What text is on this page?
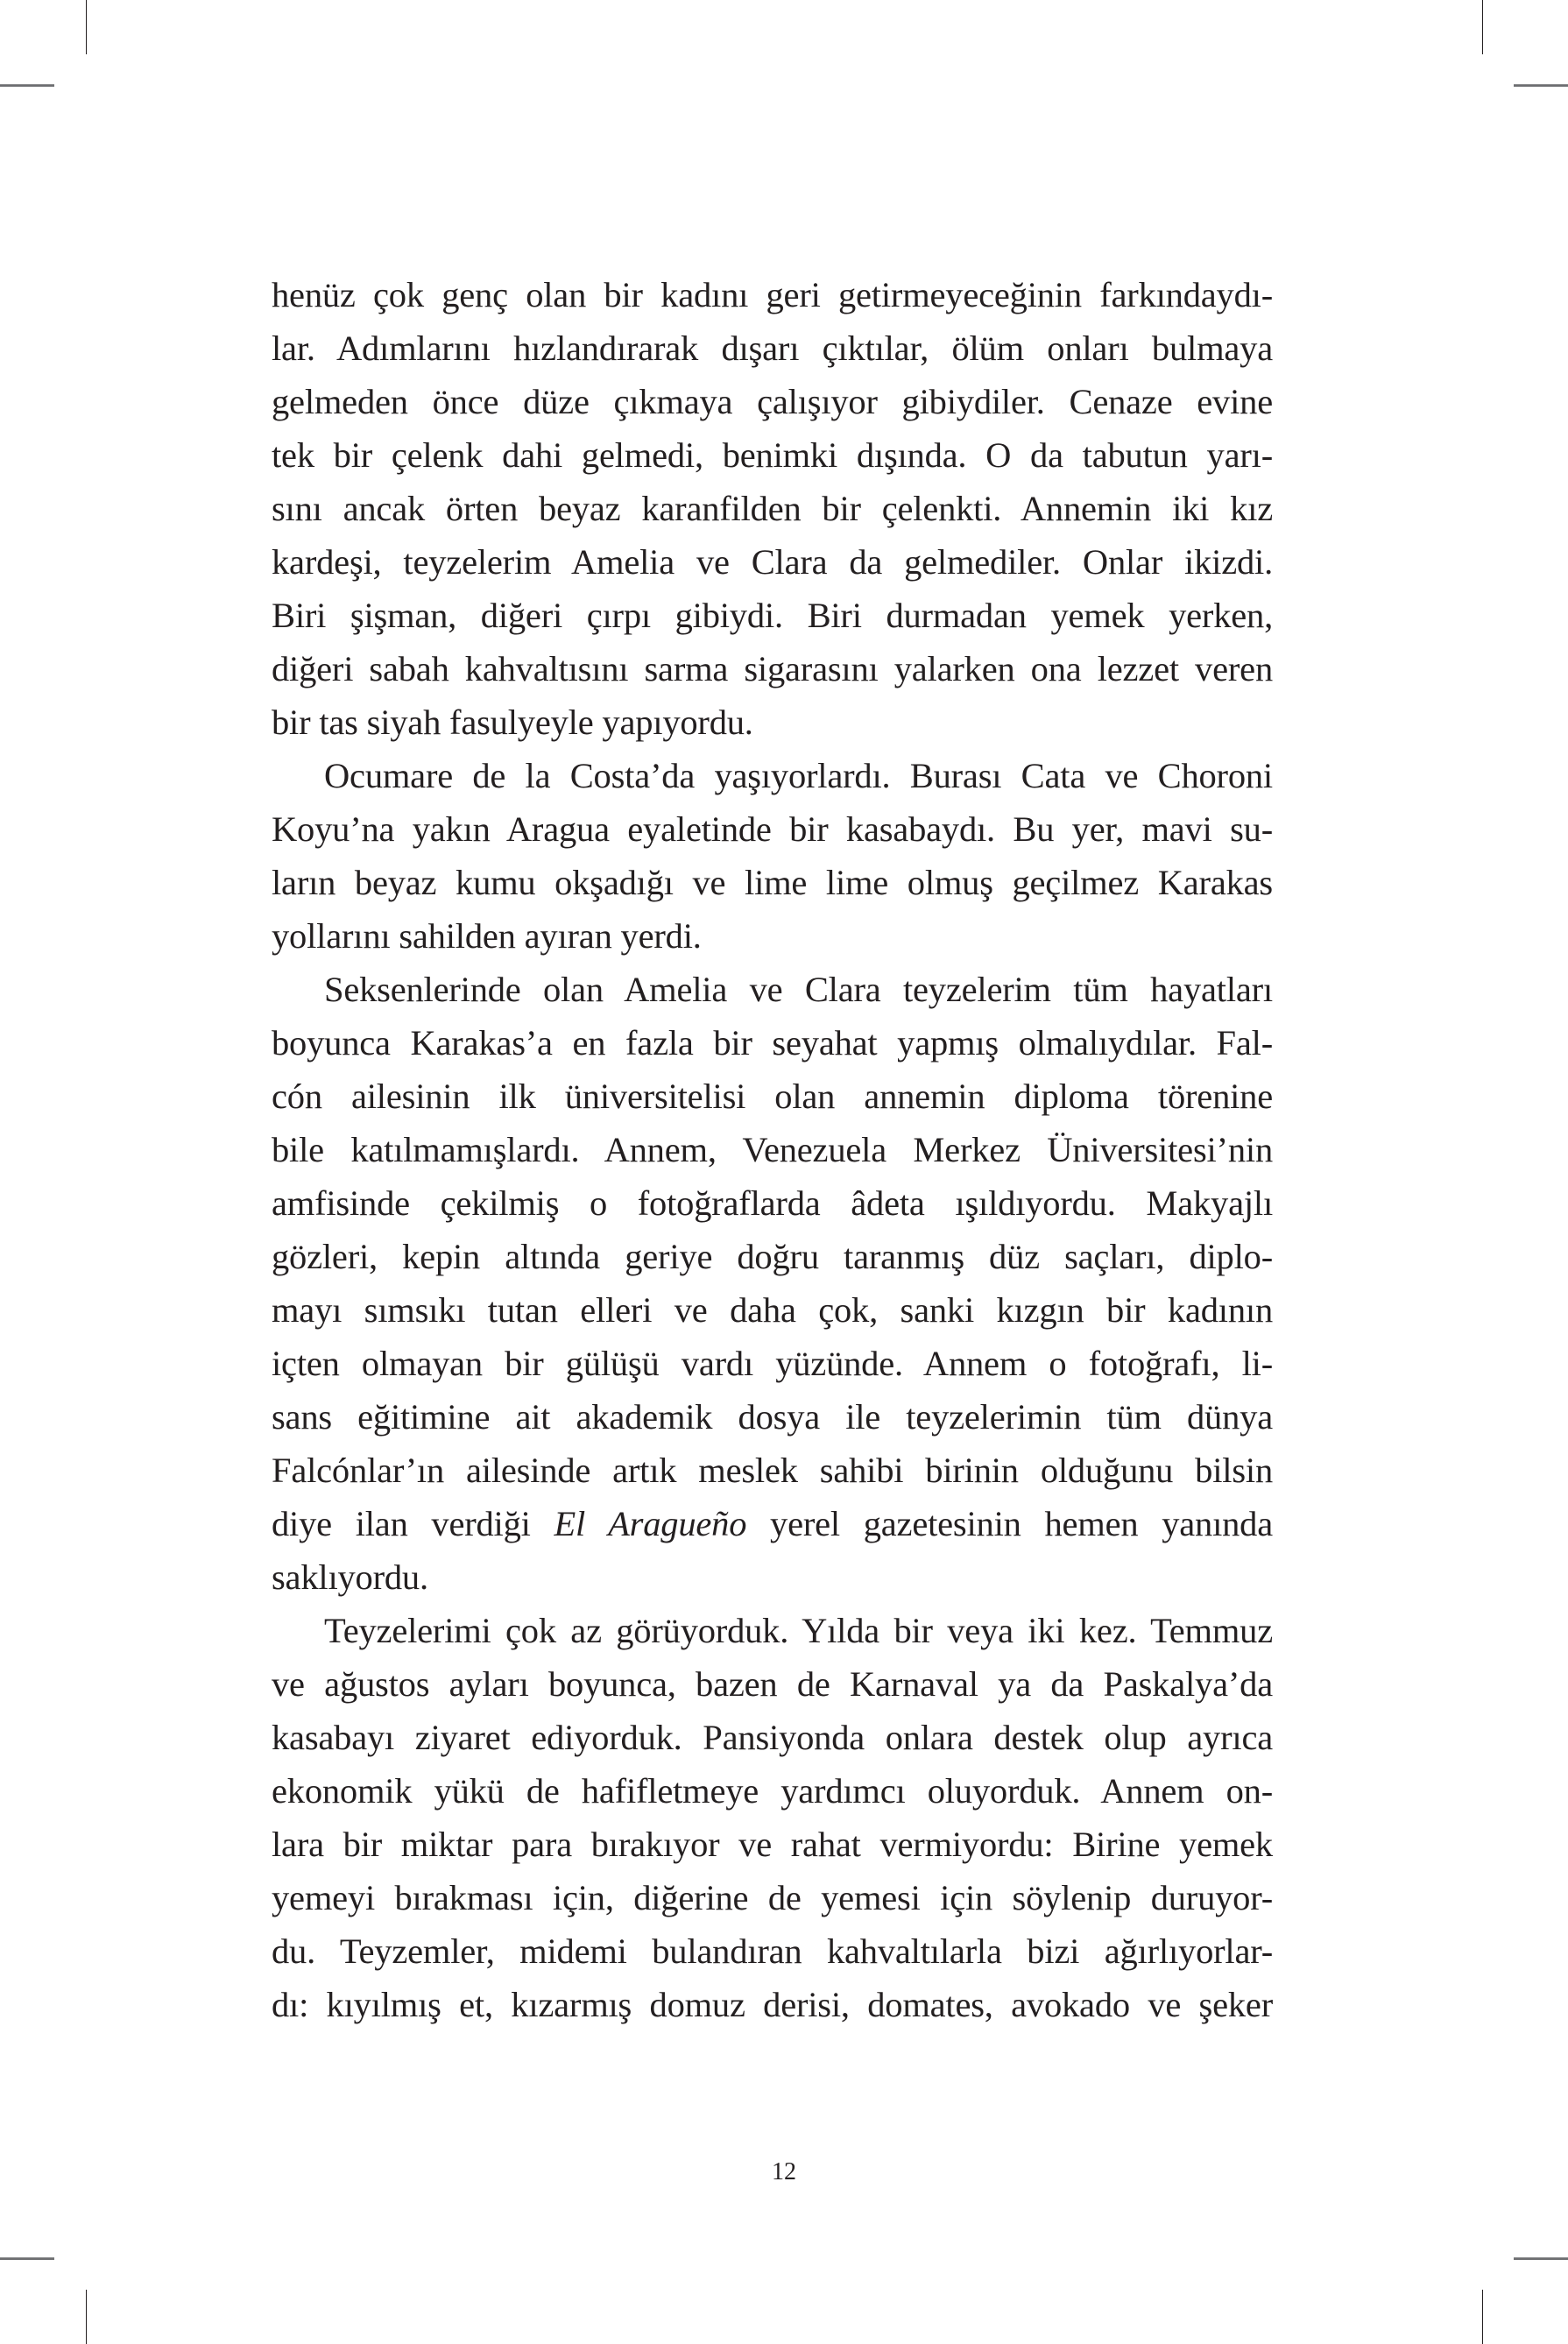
henüz çok genç olan bir kadını geri getirmeyeceğinin farkındaydı-
lar. Adımlarını hızlandırarak dışarı çıktılar, ölüm onları bulmaya
gelmeden önce düze çıkmaya çalışıyor gibiydiler. Cenaze evine
tek bir çelenk dahi gelmedi, benimki dışında. O da tabutun yarı-
sını ancak örten beyaz karanfilden bir çelenkti. Annemin iki kız
kardeşi, teyzelerim Amelia ve Clara da gelmediler. Onlar ikizdi.
Biri şişman, diğeri çırpı gibiydi. Biri durmadan yemek yerken,
diğeri sabah kahvaltısını sarma sigarasını yalarken ona lezzet veren
bir tas siyah fasulyeyle yapıyordu.
Ocumare de la Costa’da yaşıyorlardı. Burası Cata ve Choroni
Koyu’na yakın Aragua eyaletinde bir kasabaydı. Bu yer, mavi su-
ların beyaz kumu okşadığı ve lime lime olmuş geçilmez Karakas
yollarını sahilden ayıran yerdi.
Seksenlerinde olan Amelia ve Clara teyzelerim tüm hayatları
boyunca Karakas’a en fazla bir seyahat yapmış olmalıydılar. Fal-
cón ailesinin ilk üniversitelisi olan annemin diploma törenine
bile katılmamışlardı. Annem, Venezuela Merkez Üniversitesi’nin
amfisinde çekilmiş o fotoğraflarda âdeta ışıldıyordu. Makyajlı
gözleri, kepin altında geriye doğru taranmış düz saçları, diplo-
mayı sımsıkı tutan elleri ve daha çok, sanki kızgın bir kadının
içten olmayan bir gülüşü vardı yüzünde. Annem o fotoğrafı, li-
sans eğitimine ait akademik dosya ile teyzelerimin tüm dünya
Falcónlar’ın ailesinde artık meslek sahibi birinin olduğunu bilsin
diye ilan verdiği El Aragueño yerel gazetesinin hemen yanında
saklıyordu.
Teyzelerimi çok az görüyorduk. Yılda bir veya iki kez. Temmuz
ve ağustos ayları boyunca, bazen de Karnaval ya da Paskalya’da
kasabayı ziyaret ediyorduk. Pansiyonda onlara destek olup ayrıca
ekonomik yükü de hafifletmeye yardımcı oluyorduk. Annem on-
lara bir miktar para bırakıyor ve rahat vermiyordu: Birine yemek
yemeyi bırakması için, diğerine de yemesi için söylenip duruyor-
du. Teyzemler, midemi bulandıran kahvaltılarla bizi ağırlıyorlar-
dı: kıyılmış et, kızarmış domuz derisi, domates, avokado ve şeker
12
